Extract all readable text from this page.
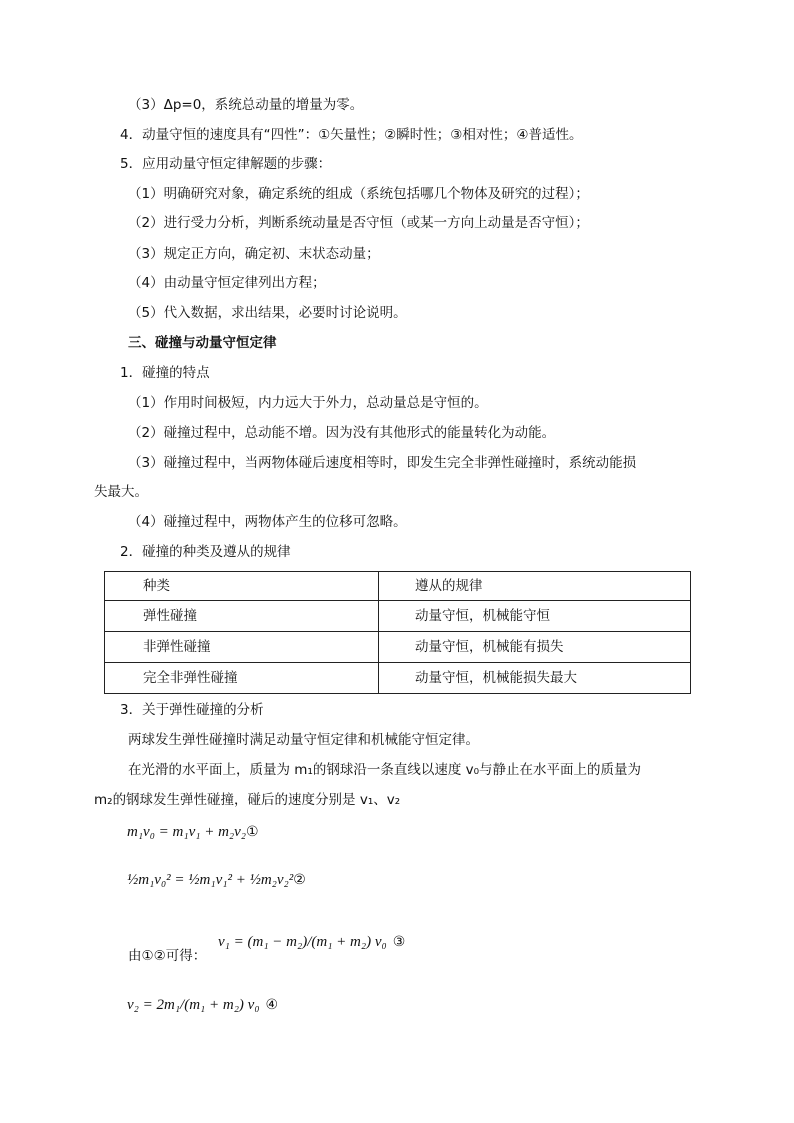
（3）Δp=0，系统总动量的增量为零。
4．动量守恒的速度具有“四性”：①矢量性；②瞬时性；③相对性；④普适性。
5．应用动量守恒定律解题的步骤：
（1）明确研究对象，确定系统的组成（系统包括哪几个物体及研究的过程）；
（2）进行受力分析，判断系统动量是否守恒（或某一方向上动量是否守恒）；
（3）规定正方向，确定初、末状态动量；
（4）由动量守恒定律列出方程；
（5）代入数据，求出结果，必要时讨论说明。
三、碰撞与动量守恒定律
1．碰撞的特点
（1）作用时间极短，内力远大于外力，总动量总是守恒的。
（2）碰撞过程中，总动能不增。因为没有其他形式的能量转化为动能。
（3）碰撞过程中，当两物体碰后速度相等时，即发生完全非弹性碰撞时，系统动能损
失最大。
（4）碰撞过程中，两物体产生的位移可忽略。
2．碰撞的种类及遵从的规律
种类	遵从的规律
弹性碰撞	动量守恒，机械能守恒
非弹性碰撞	动量守恒，机械能有损失
完全非弹性碰撞	动量守恒，机械能损失最大
3．关于弹性碰撞的分析
两球发生弹性碰撞时满足动量守恒定律和机械能守恒定律。
在光滑的水平面上，质量为 m₁的钢球沿一条直线以速度 v₀与静止在水平面上的质量为
m₂的钢球发生弹性碰撞，碰后的速度分别是 v₁、v₂
m₁v₀ = m₁v₁ + m₂v₂①
½m₁v₀² = ½m₁v₁² + ½m₂v₂²②
由①②可得：
v₁ = (m₁ − m₂)/(m₁ + m₂) v₀ ③
v₂ = 2m₁/(m₁ + m₂) v₀ ④
